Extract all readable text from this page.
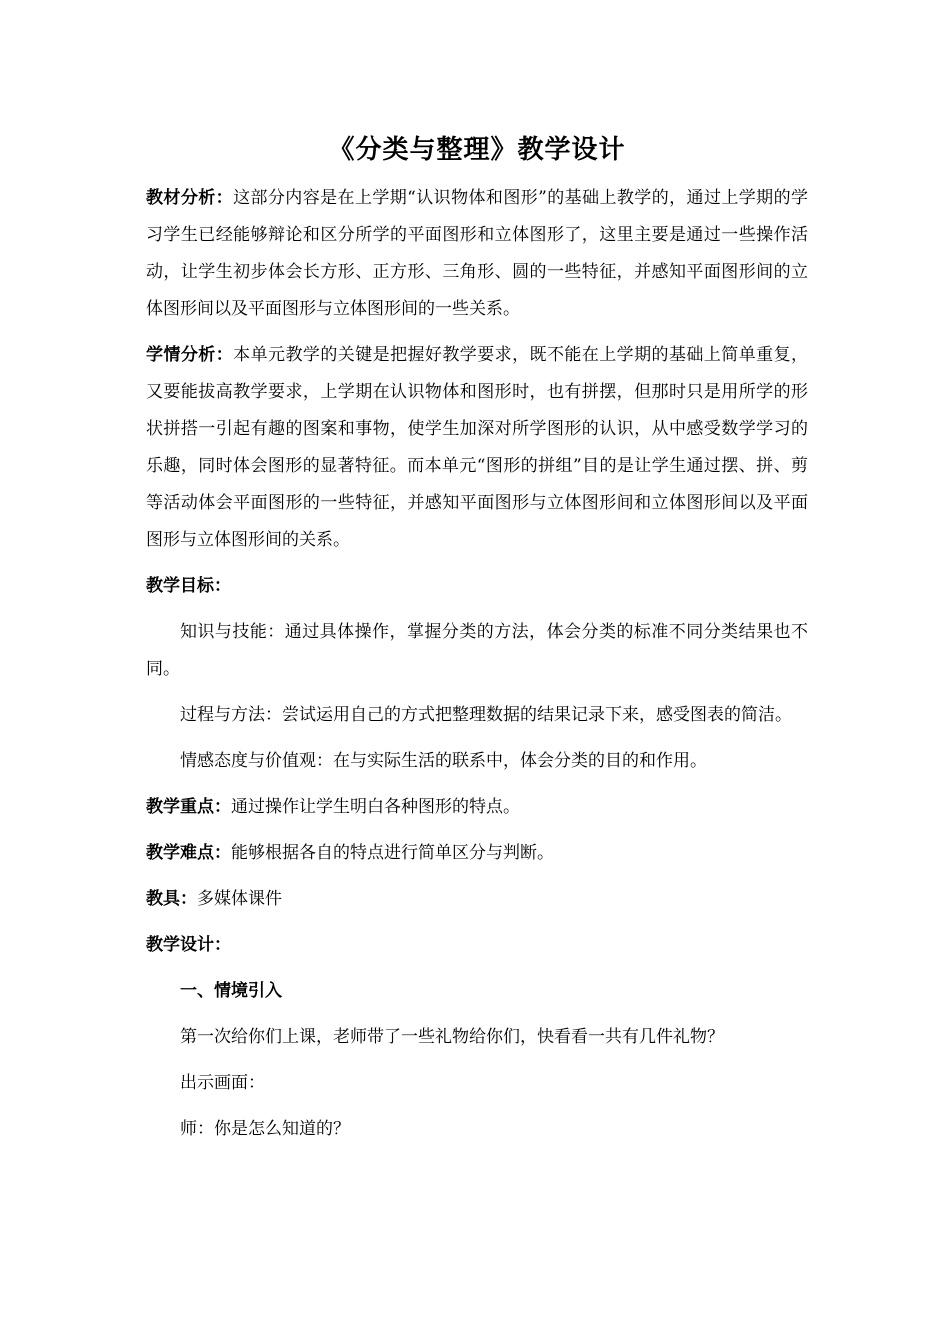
《分类与整理》教学设计
教材分析：这部分内容是在上学期“认识物体和图形”的基础上教学的，通过上学期的学习学生已经能够辩论和区分所学的平面图形和立体图形了，这里主要是通过一些操作活动，让学生初步体会长方形、正方形、三角形、圆的一些特征，并感知平面图形间的立体图形间以及平面图形与立体图形间的一些关系。
学情分析：本单元教学的关键是把握好教学要求，既不能在上学期的基础上简单重复，又要能拔高教学要求，上学期在认识物体和图形时，也有拼摆，但那时只是用所学的形状拼搭一引起有趣的图案和事物，使学生加深对所学图形的认识，从中感受数学学习的乐趣，同时体会图形的显著特征。而本单元“图形的拼组”目的是让学生通过摆、拼、剪等活动体会平面图形的一些特征，并感知平面图形与立体图形间和立体图形间以及平面图形与立体图形间的关系。
教学目标：
知识与技能：通过具体操作，掌握分类的方法，体会分类的标准不同分类结果也不同。
过程与方法：尝试运用自己的方式把整理数据的结果记录下来，感受图表的简洁。
情感态度与价值观：在与实际生活的联系中，体会分类的目的和作用。
教学重点：通过操作让学生明白各种图形的特点。
教学难点：能够根据各自的特点进行简单区分与判断。
教具：多媒体课件
教学设计：
一、情境引入
第一次给你们上课，老师带了一些礼物给你们，快看看一共有几件礼物？
出示画面：
师：你是怎么知道的？
